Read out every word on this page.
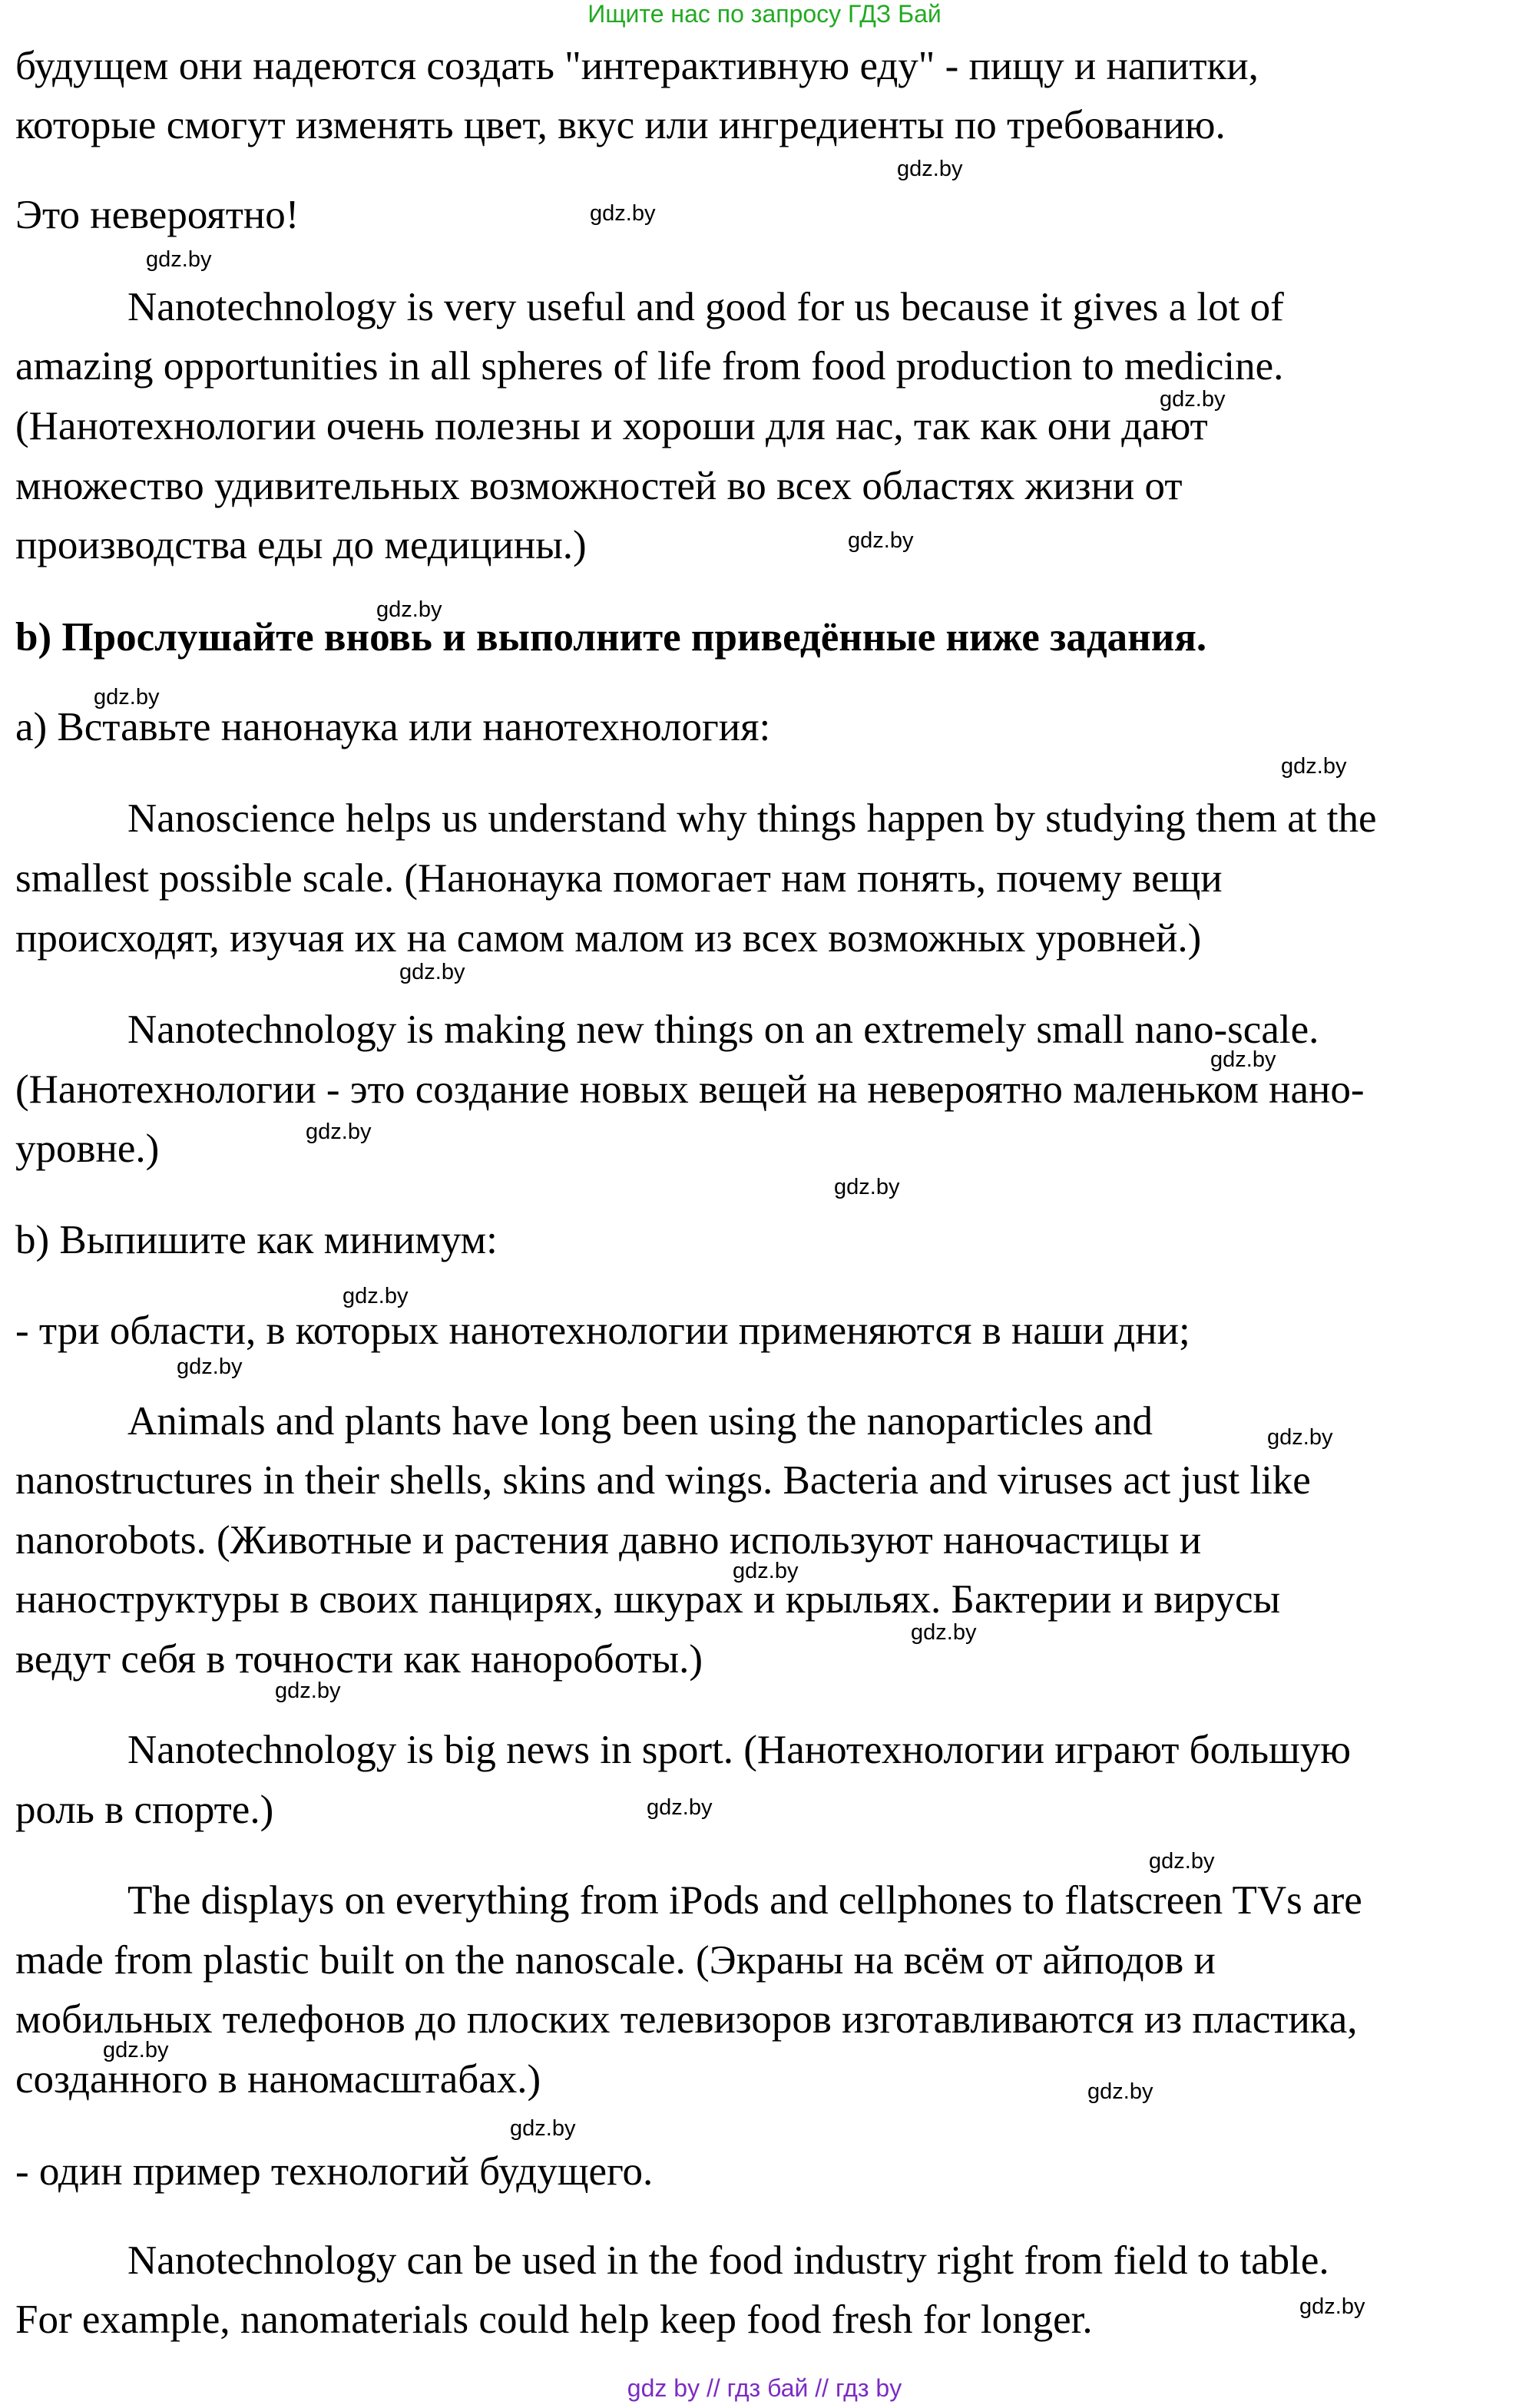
Ищите нас по запросу ГДЗ Бай
будущем они надеются создать "интерактивную еду" - пищу и напитки,
которые смогут изменять цвет, вкус или ингредиенты по требованию.
Это невероятно!
Nanotechnology is very useful and good for us because it gives a lot of
amazing opportunities in all spheres of life from food production to medicine.
(Нанотехнологии очень полезны и хороши для нас, так как они дают
множество удивительных возможностей во всех областях жизни от
производства еды до медицины.)
b) Прослушайте вновь и выполните приведённые ниже задания.
a) Вставьте нанонаука или нанотехнология:
Nanoscience helps us understand why things happen by studying them at the
smallest possible scale. (Нанонаука помогает нам понять, почему вещи
происходят, изучая их на самом малом из всех возможных уровней.)
Nanotechnology is making new things on an extremely small nano-scale.
(Нанотехнологии - это создание новых вещей на невероятно маленьком нано-
уровне.)
b) Выпишите как минимум:
- три области, в которых нанотехнологии применяются в наши дни;
Animals and plants have long been using the nanoparticles and
nanostructures in their shells, skins and wings. Bacteria and viruses act just like
nanorobots. (Животные и растения давно используют наночастицы и
наноструктуры в своих панцирях, шкурах и крыльях. Бактерии и вирусы
ведут себя в точности как нанороботы.)
Nanotechnology is big news in sport. (Нанотехнологии играют большую
роль в спорте.)
The displays on everything from iPods and cellphones to flatscreen TVs are
made from plastic built on the nanoscale. (Экраны на всём от айподов и
мобильных телефонов до плоских телевизоров изготавливаются из пластика,
созданного в наномасштабах.)
- один пример технологий будущего.
Nanotechnology can be used in the food industry right from field to table.
For example, nanomaterials could help keep food fresh for longer.
gdz.by
gdz.by
gdz.by
gdz.by
gdz.by
gdz.by
gdz.by
gdz.by
gdz.by
gdz.by
gdz.by
gdz.by
gdz.by
gdz.by
gdz.by
gdz.by
gdz.by
gdz.by
gdz.by
gdz.by
gdz.by
gdz.by
gdz.by
gdz.by
gdz by // гдз бай // гдз by
